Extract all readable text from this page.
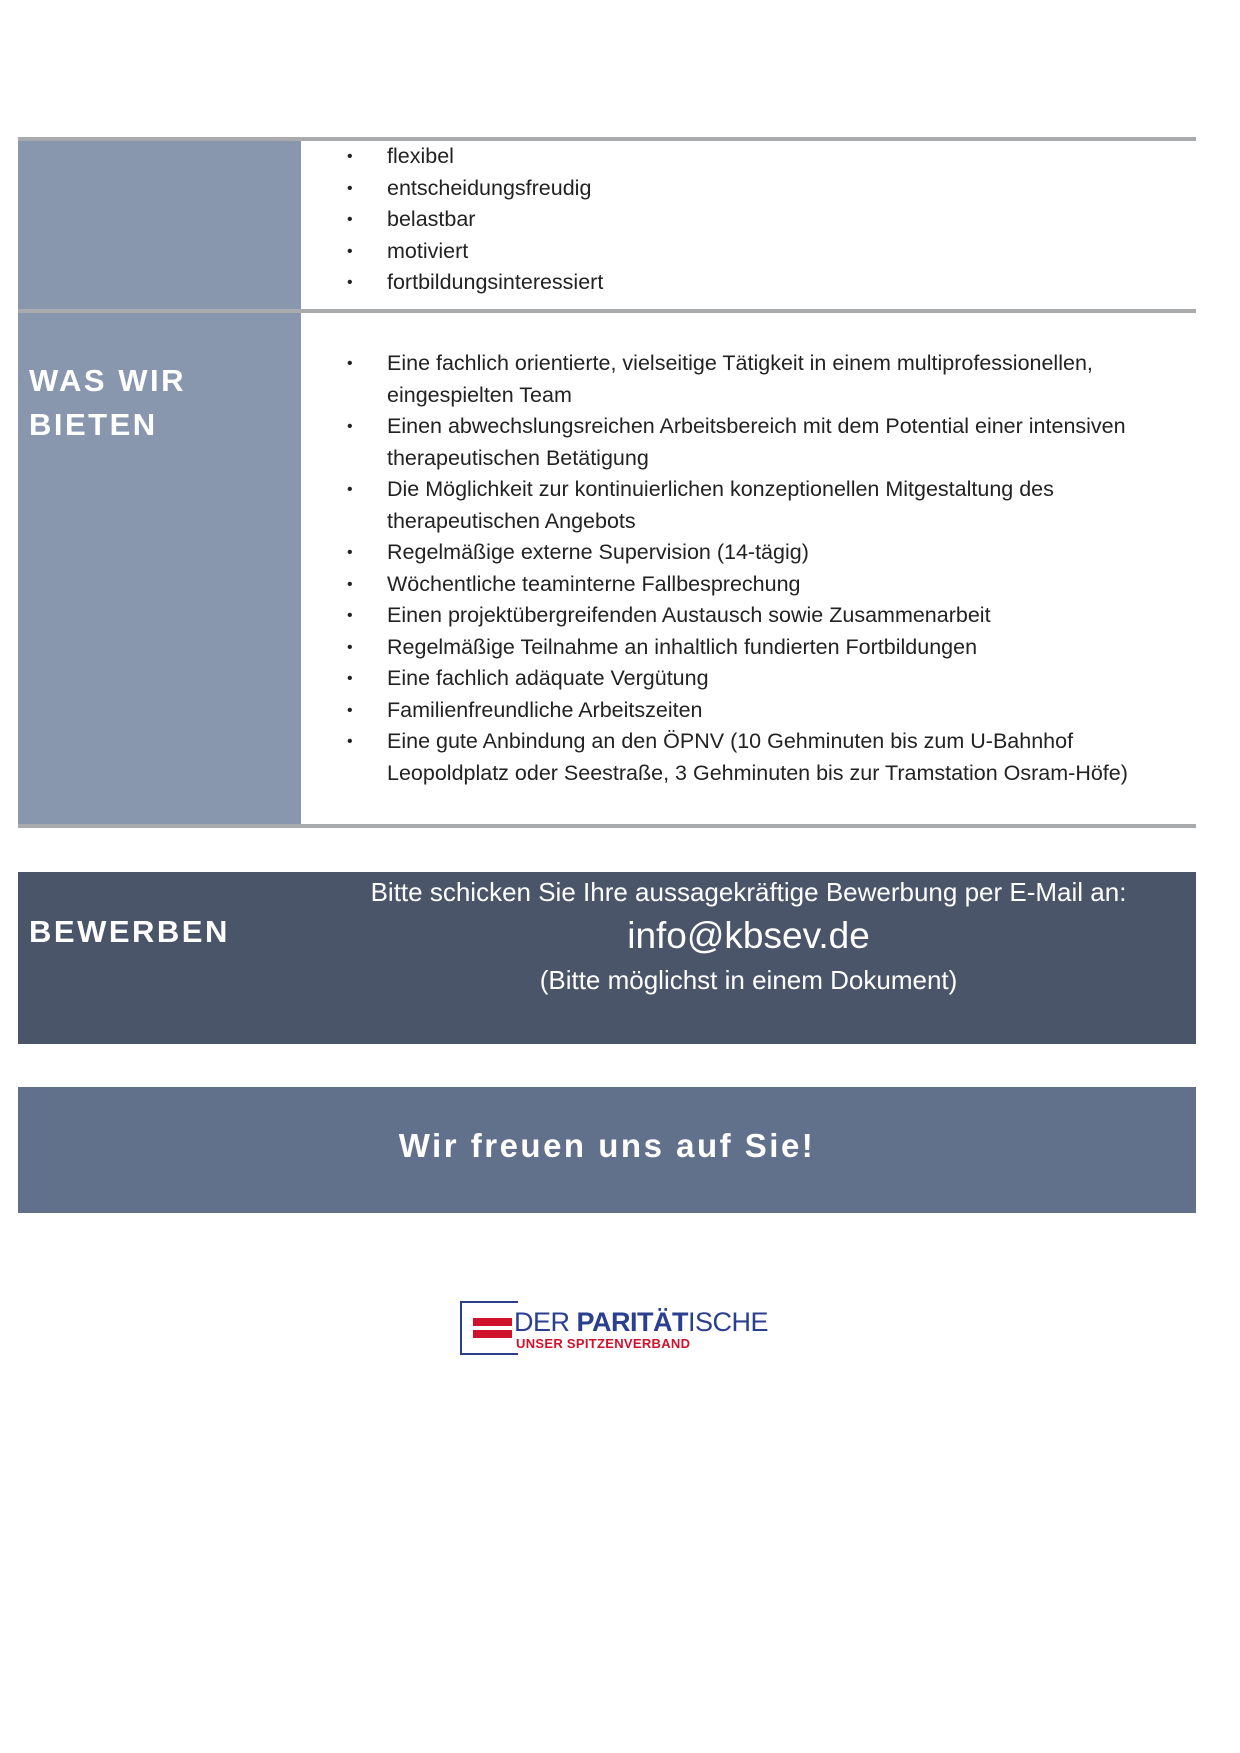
• flexibel
• entscheidungsfreudig
• belastbar
• motiviert
• fortbildungsinteressiert
WAS WIR
BIETEN
• Eine fachlich orientierte, vielseitige Tätigkeit in einem multiprofessionellen, eingespielten Team
• Einen abwechslungsreichen Arbeitsbereich mit dem Potential einer intensiven therapeutischen Betätigung
• Die Möglichkeit zur kontinuierlichen konzeptionellen Mitgestaltung des therapeutischen Angebots
• Regelmäßige externe Supervision (14-tägig)
• Wöchentliche teaminterne Fallbesprechung
• Einen projektübergreifenden Austausch sowie Zusammenarbeit
• Regelmäßige Teilnahme an inhaltlich fundierten Fortbildungen
• Eine fachlich adäquate Vergütung
• Familienfreundliche Arbeitszeiten
• Eine gute Anbindung an den ÖPNV (10 Gehminuten bis zum U-Bahnhof Leopoldplatz oder Seestraße, 3 Gehminuten bis zur Tramstation Osram-Höfe)
BEWERBEN
Bitte schicken Sie Ihre aussagekräftige Bewerbung per E-Mail an:
info@kbsev.de
(Bitte möglichst in einem Dokument)
Wir freuen uns auf Sie!
DER PARITÄTISCHE
UNSER SPITZENVERBAND
